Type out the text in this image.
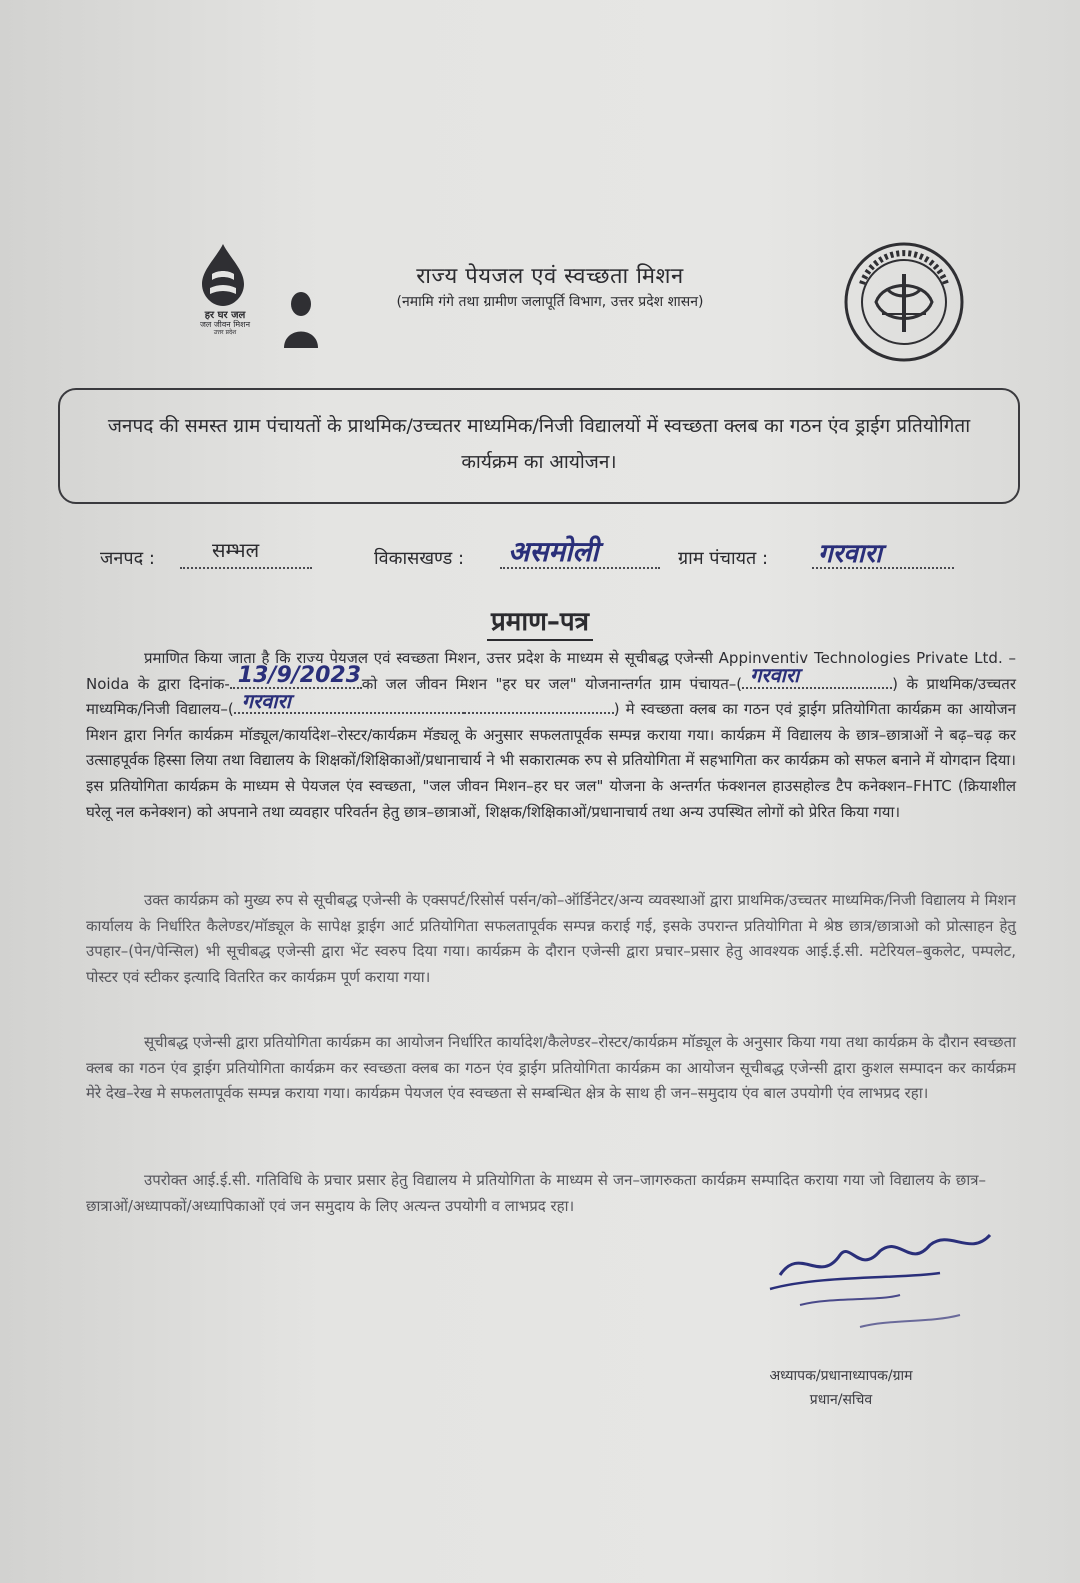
हर घर जल
जल जीवन मिशन
उत्तर प्रदेश
राज्य पेयजल एवं स्वच्छता मिशन
(नमामि गंगे तथा ग्रामीण जलापूर्ति विभाग, उत्तर प्रदेश शासन)
जनपद की समस्त ग्राम पंचायतों के प्राथमिक/उच्चतर माध्यमिक/निजी विद्यालयों में स्वच्छता क्लब का गठन एंव ड्राईग प्रतियोगिता कार्यक्रम का आयोजन।
जनपद :	सम्भल	विकासखण्ड : असमोली	ग्राम पंचायत : गरवारा
प्रमाण–पत्र
प्रमाणित किया जाता है कि राज्य पेयजल एवं स्वच्छता मिशन, उत्तर प्रदेश के माध्यम से सूचीबद्ध एजेन्सी Appinventiv Technologies Private Ltd. – Noida के द्वारा दिनांक- 13/9/2023 को जल जीवन मिशन "हर घर जल" योजनान्तर्गत ग्राम पंचायत–( गरवारा	) के प्राथमिक/उच्चतर माध्यमिक/निजी विद्यालय–( गरवारा	) मे स्वच्छता क्लब का गठन एवं ड्राईग प्रतियोगिता कार्यक्रम का आयोजन मिशन द्वारा निर्गत कार्यक्रम मॉड्यूल/कार्यादेश–रोस्टर/कार्यक्रम मॅड्यलू के अनुसार सफलतापूर्वक सम्पन्न कराया गया। कार्यक्रम में विद्यालय के छात्र–छात्राओं ने बढ़–चढ़ कर उत्साहपूर्वक हिस्सा लिया तथा विद्यालय के शिक्षकों/शिक्षिकाओं/प्रधानाचार्य ने भी सकारात्मक रुप से प्रतियोगिता में सहभागिता कर कार्यक्रम को सफल बनाने में योगदान दिया। इस प्रतियोगिता कार्यक्रम के माध्यम से पेयजल एंव स्वच्छता, "जल जीवन मिशन–हर घर जल" योजना के अन्तर्गत फंक्शनल हाउसहोल्ड टैप कनेक्शन–FHTC (क्रियाशील घरेलू नल कनेक्शन) को अपनाने तथा व्यवहार परिवर्तन हेतु छात्र–छात्राओं, शिक्षक/शिक्षिकाओं/प्रधानाचार्य तथा अन्य उपस्थित लोगों को प्रेरित किया गया।
उक्त कार्यक्रम को मुख्य रुप से सूचीबद्ध एजेन्सी के एक्सपर्ट/रिसोर्स पर्सन/को–ऑर्डिनेटर/अन्य व्यवस्थाओं द्वारा प्राथमिक/उच्चतर माध्यमिक/निजी विद्यालय मे मिशन कार्यालय के निर्धारित कैलेण्डर/मॉड्यूल के सापेक्ष ड्राईग आर्ट प्रतियोगिता सफलतापूर्वक सम्पन्न कराई गई, इसके उपरान्त प्रतियोगिता मे श्रेष्ठ छात्र/छात्राओ को प्रोत्साहन हेतु उपहार–(पेन/पेन्सिल) भी सूचीबद्ध एजेन्सी द्वारा भेंट स्वरुप दिया गया। कार्यक्रम के दौरान एजेन्सी द्वारा प्रचार–प्रसार हेतु आवश्यक आई.ई.सी. मटेरियल–बुकलेट, पम्पलेट, पोस्टर एवं स्टीकर इत्यादि वितरित कर कार्यक्रम पूर्ण कराया गया।
सूचीबद्ध एजेन्सी द्वारा प्रतियोगिता कार्यक्रम का आयोजन निर्धारित कार्यादेश/कैलेण्डर–रोस्टर/कार्यक्रम मॉड्यूल के अनुसार किया गया तथा कार्यक्रम के दौरान स्वच्छता क्लब का गठन एंव ड्राईग प्रतियोगिता कार्यक्रम कर स्वच्छता क्लब का गठन एंव ड्राईग प्रतियोगिता कार्यक्रम का आयोजन सूचीबद्ध एजेन्सी द्वारा कुशल सम्पादन कर कार्यक्रम मेरे देख–रेख मे सफलतापूर्वक सम्पन्न कराया गया। कार्यक्रम पेयजल एंव स्वच्छता से सम्बन्धित क्षेत्र के साथ ही जन–समुदाय एंव बाल उपयोगी एंव लाभप्रद रहा।
उपरोक्त आई.ई.सी. गतिविधि के प्रचार प्रसार हेतु विद्यालय मे प्रतियोगिता के माध्यम से जन–जागरुकता कार्यक्रम सम्पादित कराया गया जो विद्यालय के छात्र–छात्राओं/अध्यापकों/अध्यापिकाओं एवं जन समुदाय के लिए अत्यन्त उपयोगी व लाभप्रद रहा।
अध्यापक/प्रधानाध्यापक/ग्राम
प्रधान/सचिव
